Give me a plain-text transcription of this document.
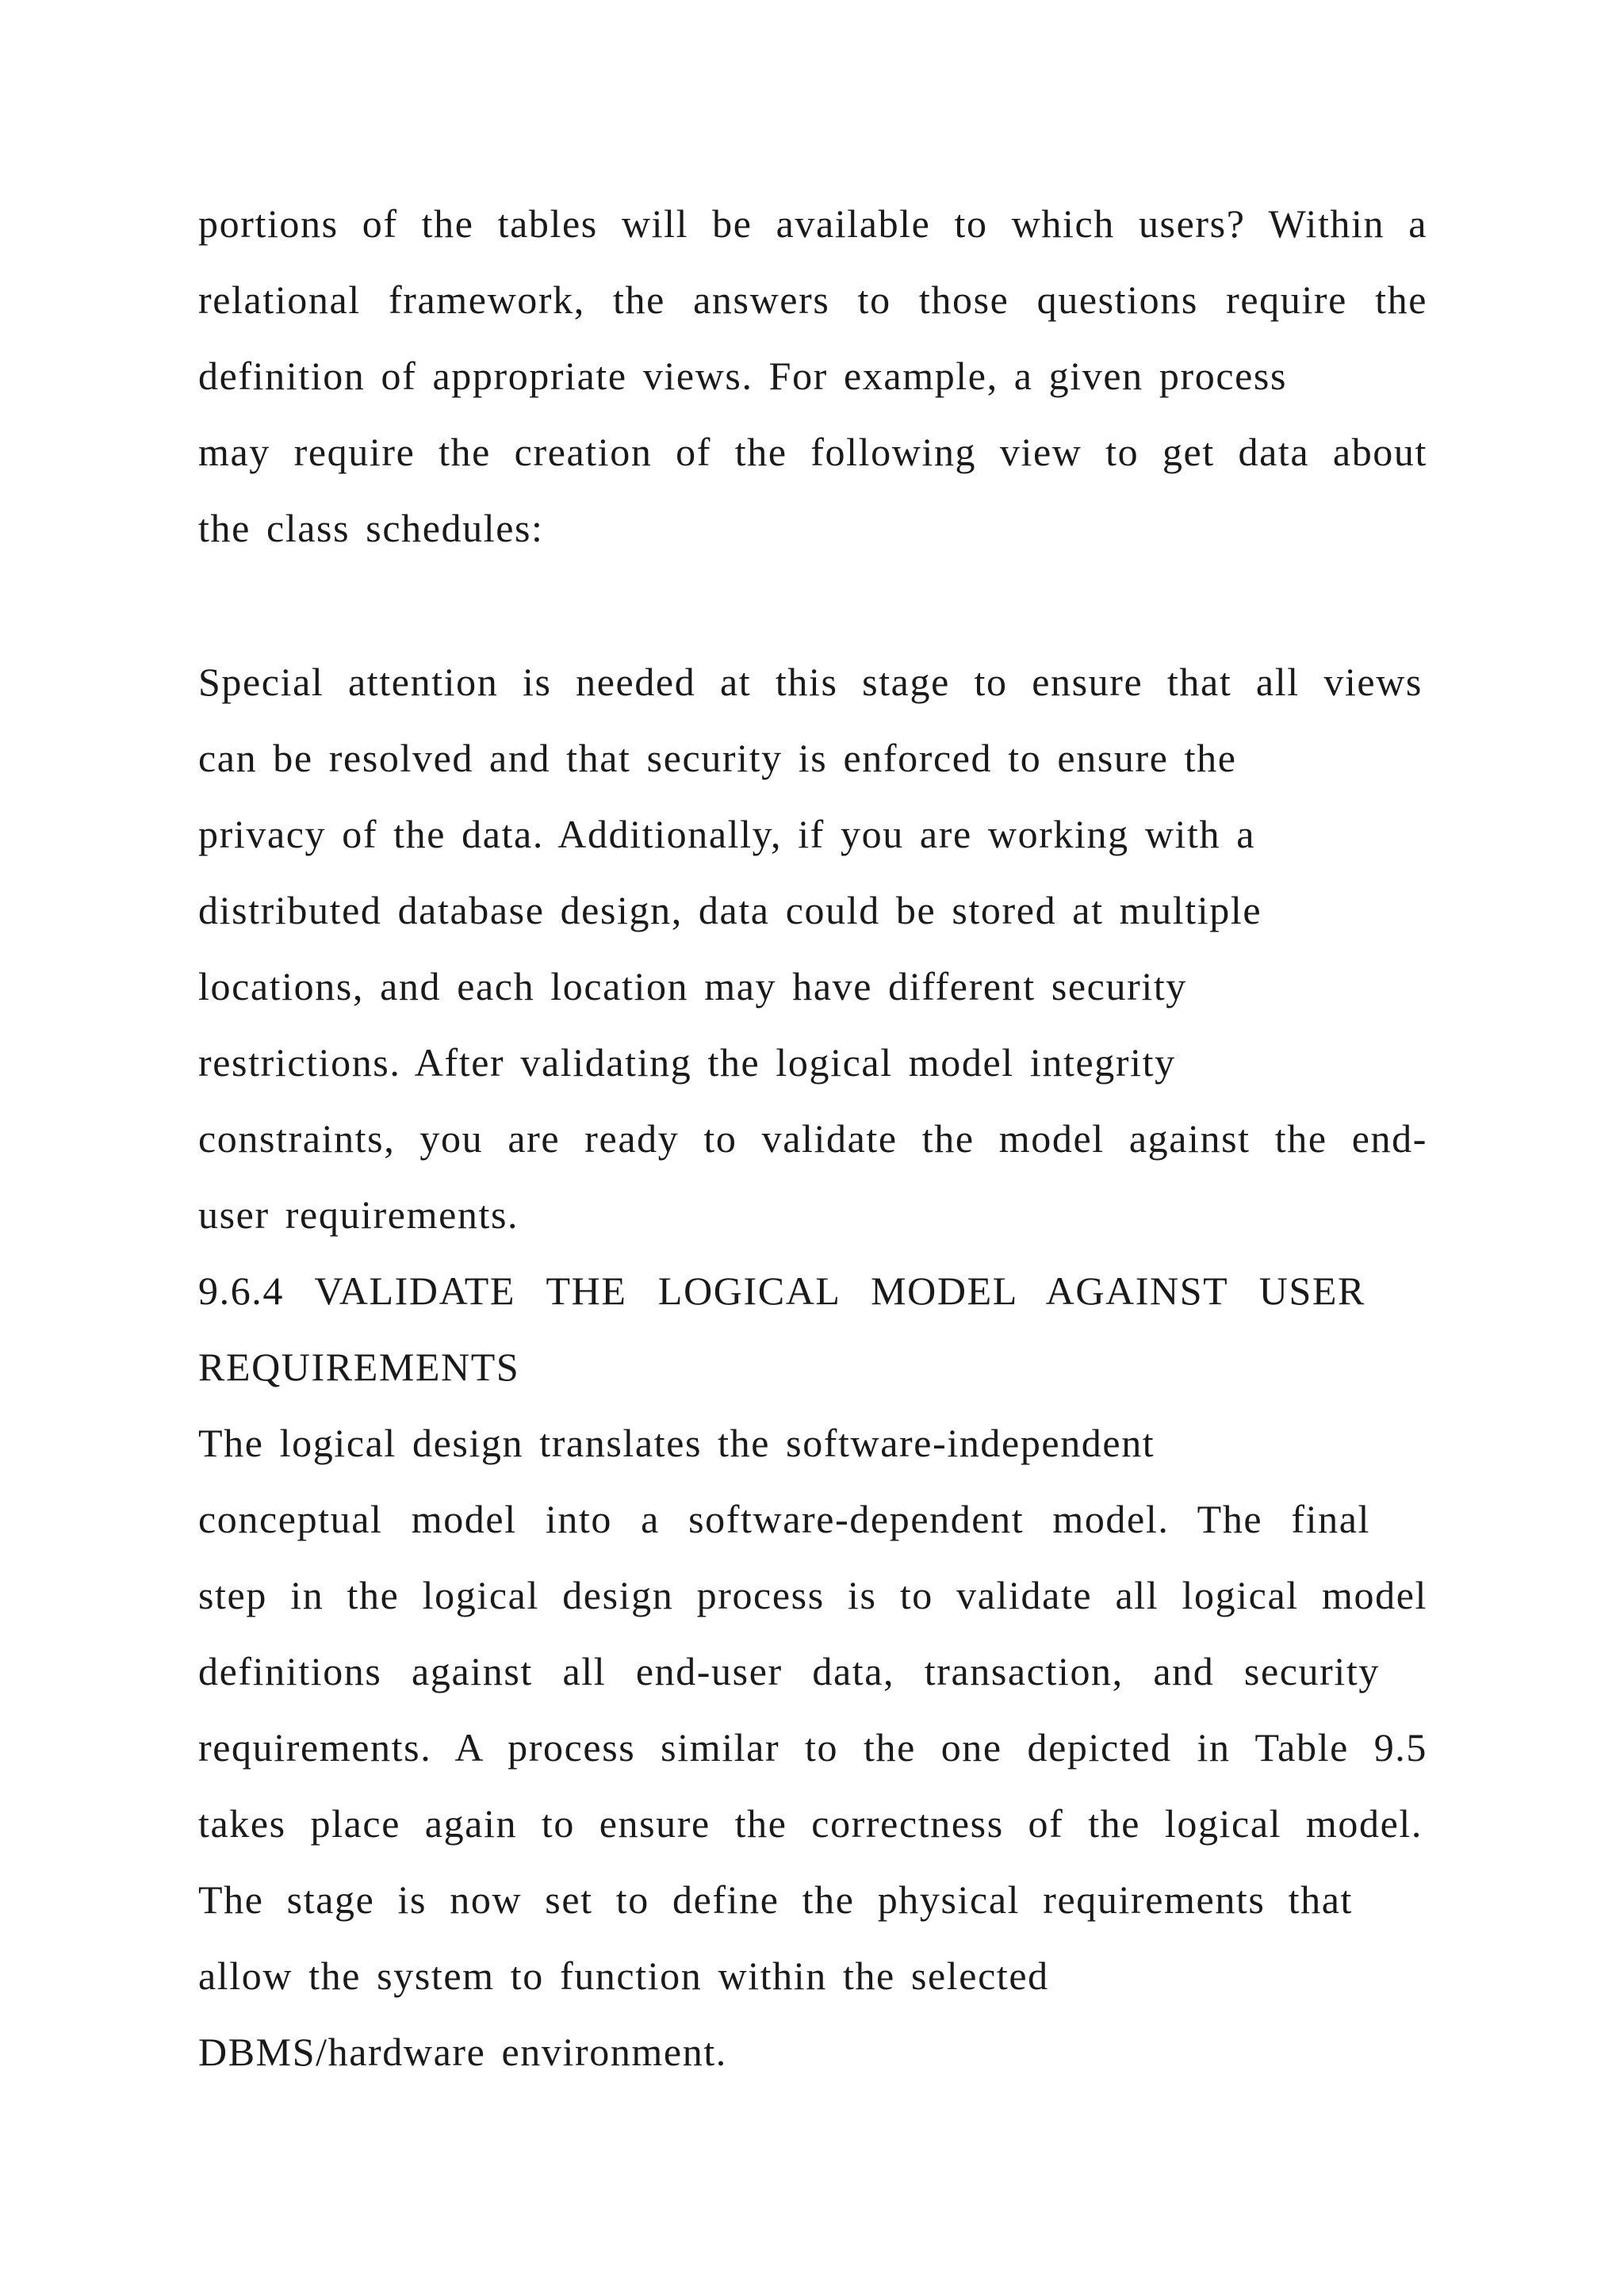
portions of the tables will be available to which users? Within a

relational framework, the answers to those questions require the

definition of appropriate views. For example, a given process

may require the creation of the following view to get data about

the class schedules:

Special attention is needed at this stage to ensure that all views

can be resolved and that security is enforced to ensure the

privacy of the data. Additionally, if you are working with a

distributed database design, data could be stored at multiple

locations, and each location may have different security

restrictions. After validating the logical model integrity

constraints, you are ready to validate the model against the end-

user requirements.

9.6.4 VALIDATE THE LOGICAL MODEL AGAINST USER

REQUIREMENTS

The logical design translates the software-independent

conceptual model into a software-dependent model. The final

step in the logical design process is to validate all logical model

definitions against all end-user data, transaction, and security

requirements. A process similar to the one depicted in Table 9.5

takes place again to ensure the correctness of the logical model.

The stage is now set to define the physical requirements that

allow the system to function within the selected

DBMS/hardware environment.
